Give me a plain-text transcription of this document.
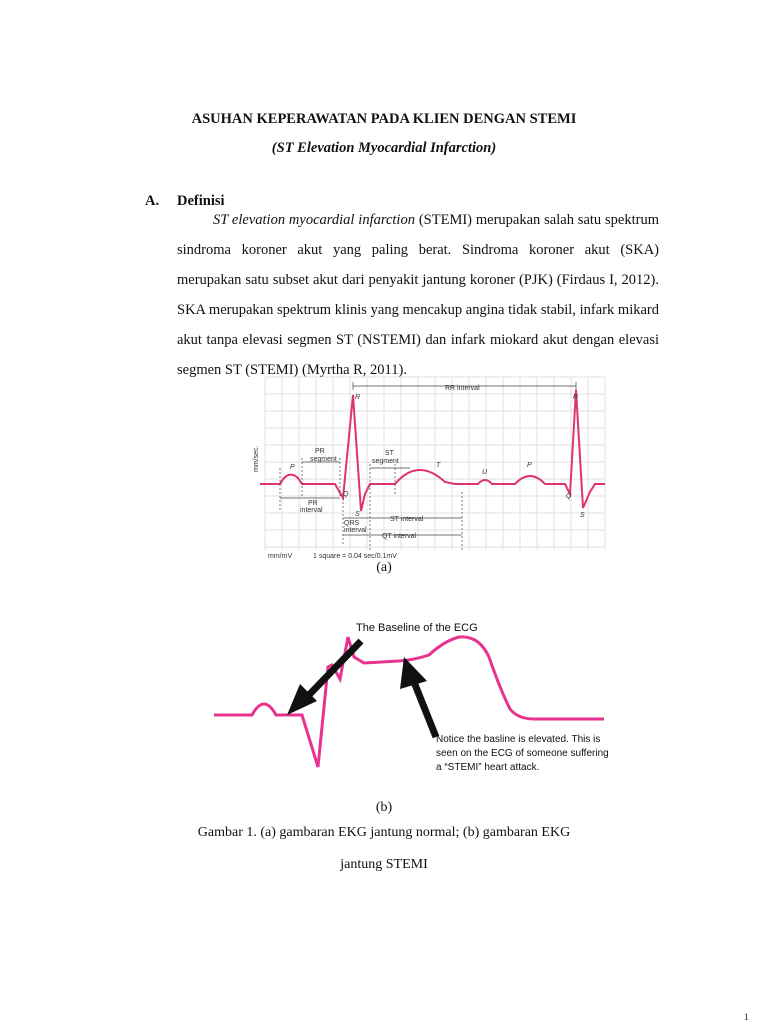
ASUHAN KEPERAWATAN PADA KLIEN DENGAN STEMI
(ST Elevation Myocardial Infarction)
A. Definisi

ST elevation myocardial infarction (STEMI) merupakan salah satu spektrum sindroma koroner akut yang paling berat. Sindroma koroner akut (SKA) merupakan satu subset akut dari penyakit jantung koroner (PJK) (Firdaus I, 2012). SKA merupakan spektrum klinis yang mencakup angina tidak stabil, infark mikard akut tanpa elevasi segmen ST (NSTEMI) dan infark miokard akut dengan elevasi segmen ST (STEMI) (Myrtha R, 2011).

RR interval
R	R
PR
segment
ST
segment
P	T
U
P
Q	Q
S	S
PR
interval
QRS
interval
ST interval
QT interval
mm/sec.
mm/mV	1 square = 0.04 sec/0.1mV
(a)
The Baseline of the ECG
Notice the basline is elevated. This is
seen on the ECG of someone suffering
a “STEMI” heart attack.
(b)
Gambar 1. (a) gambaran EKG jantung normal; (b) gambaran EKG
jantung STEMI
1
